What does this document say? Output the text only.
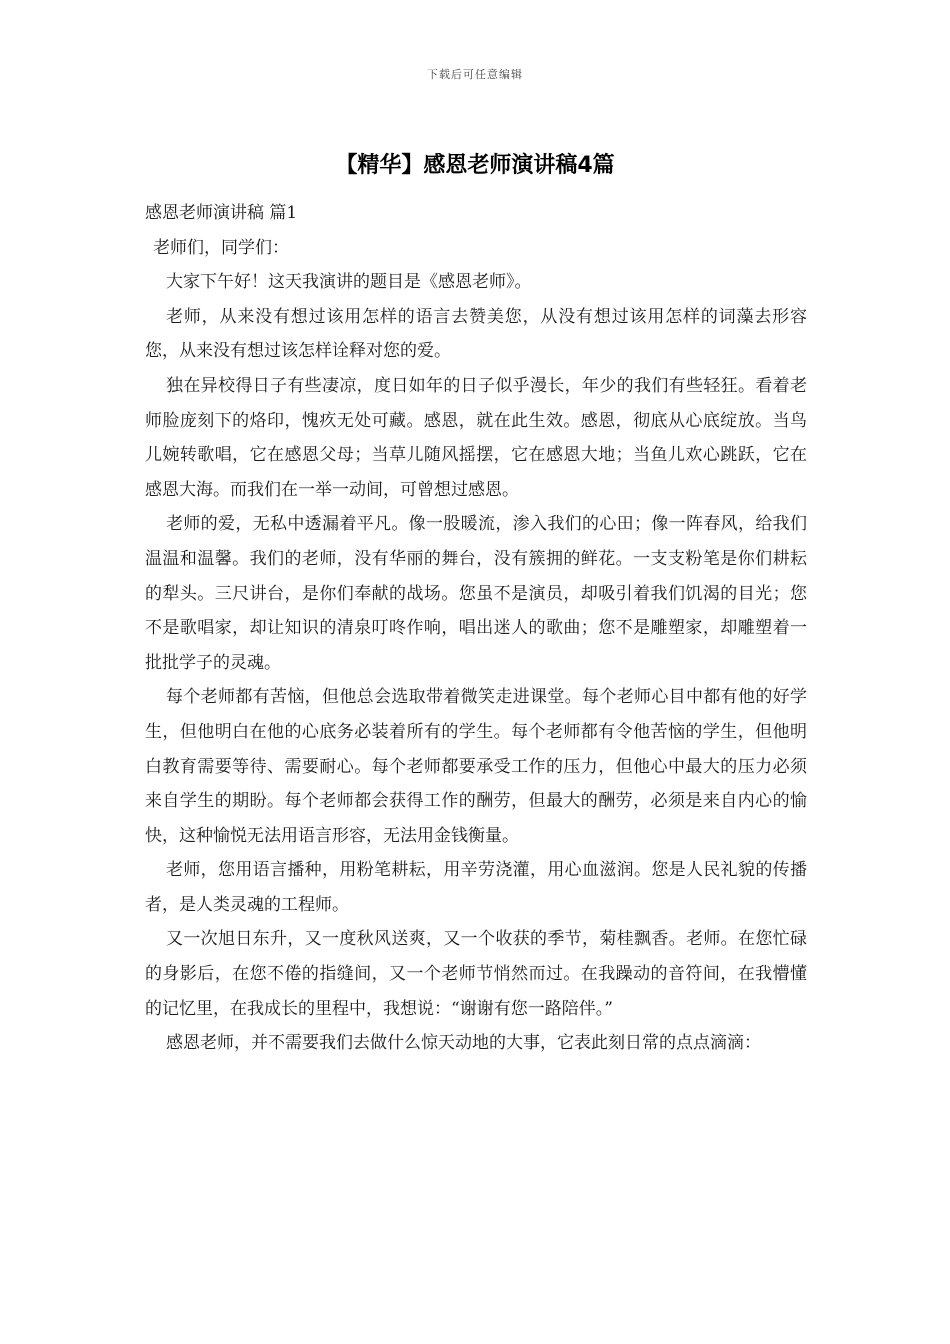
下载后可任意编辑
【精华】感恩老师演讲稿4篇

感恩老师演讲稿 篇1

老师们，同学们：

大家下午好！这天我演讲的题目是《感恩老师》。

老师，从来没有想过该用怎样的语言去赞美您，从没有想过该用怎样的词藻去形容您，从来没有想过该怎样诠释对您的爱。

独在异校得日子有些凄凉，度日如年的日子似乎漫长，年少的我们有些轻狂。看着老师脸庞刻下的烙印，愧疚无处可藏。感恩，就在此生效。感恩，彻底从心底绽放。当鸟儿婉转歌唱，它在感恩父母；当草儿随风摇摆，它在感恩大地；当鱼儿欢心跳跃，它在感恩大海。而我们在一举一动间，可曾想过感恩。

老师的爱，无私中透漏着平凡。像一股暖流，渗入我们的心田；像一阵春风，给我们温温和温馨。我们的老师，没有华丽的舞台，没有簇拥的鲜花。一支支粉笔是你们耕耘的犁头。三尺讲台，是你们奉献的战场。您虽不是演员，却吸引着我们饥渴的目光；您不是歌唱家，却让知识的清泉叮咚作响，唱出迷人的歌曲；您不是雕塑家，却雕塑着一批批学子的灵魂。

每个老师都有苦恼，但他总会选取带着微笑走进课堂。每个老师心目中都有他的好学生，但他明白在他的心底务必装着所有的学生。每个老师都有令他苦恼的学生，但他明白教育需要等待、需要耐心。每个老师都要承受工作的压力，但他心中最大的压力必须来自学生的期盼。每个老师都会获得工作的酬劳，但最大的酬劳，必须是来自内心的愉快，这种愉悦无法用语言形容，无法用金钱衡量。

老师，您用语言播种，用粉笔耕耘，用辛劳浇灌，用心血滋润。您是人民礼貌的传播者，是人类灵魂的工程师。

又一次旭日东升，又一度秋风送爽，又一个收获的季节，菊桂飘香。老师。在您忙碌的身影后，在您不倦的指缝间，又一个老师节悄然而过。在我躁动的音符间，在我懵懂的记忆里，在我成长的里程中，我想说：“谢谢有您一路陪伴。”

感恩老师，并不需要我们去做什么惊天动地的大事，它表此刻日常的点点滴滴：
